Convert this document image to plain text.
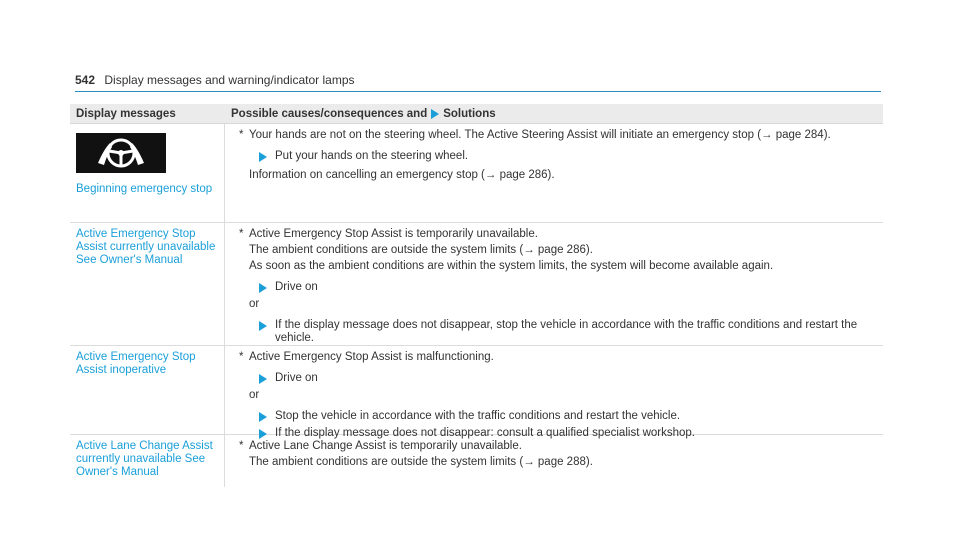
542 Display messages and warning/indicator lamps
Display messages	Possible causes/consequences and Solutions
Beginning emergency stop
* Your hands are not on the steering wheel. The Active Steering Assist will initiate an emergency stop (→ page 284).
Put your hands on the steering wheel.
Information on cancelling an emergency stop (→ page 286).
Active Emergency Stop Assist currently unavailable See Owner's Manual
* Active Emergency Stop Assist is temporarily unavailable.
The ambient conditions are outside the system limits (→ page 286).
As soon as the ambient conditions are within the system limits, the system will become available again.
Drive on
or
If the display message does not disappear, stop the vehicle in accordance with the traffic conditions and restart the vehicle.
Active Emergency Stop Assist inoperative
* Active Emergency Stop Assist is malfunctioning.
Drive on
or
Stop the vehicle in accordance with the traffic conditions and restart the vehicle.
If the display message does not disappear: consult a qualified specialist workshop.
Active Lane Change Assist currently unavailable See Owner's Manual
* Active Lane Change Assist is temporarily unavailable.
The ambient conditions are outside the system limits (→ page 288).
